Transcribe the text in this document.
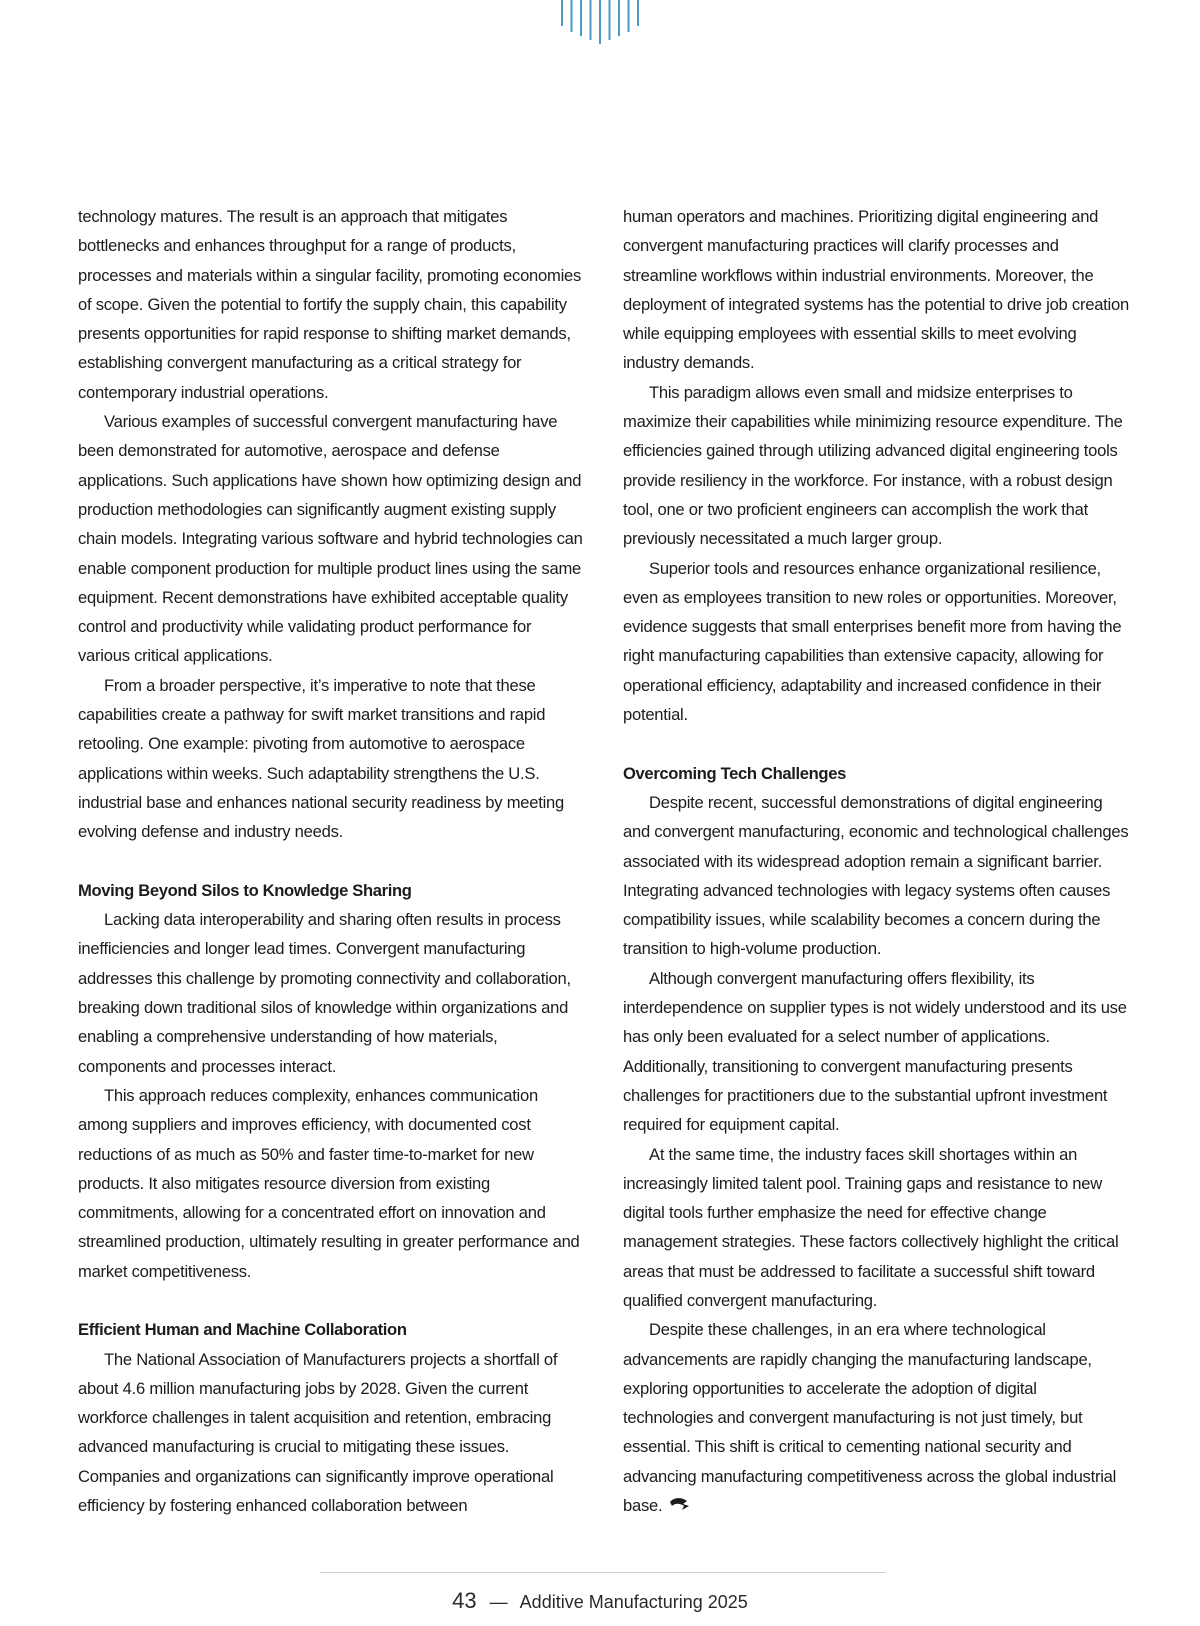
technology matures. The result is an approach that mitigates bottlenecks and enhances throughput for a range of products, processes and materials within a singular facility, promoting economies of scope. Given the potential to fortify the supply chain, this capability presents opportunities for rapid response to shifting market demands, establishing convergent manufacturing as a critical strategy for contemporary industrial operations.

Various examples of successful convergent manufacturing have been demonstrated for automotive, aerospace and defense applications. Such applications have shown how optimizing design and production methodologies can significantly augment existing supply chain models. Integrating various software and hybrid technologies can enable component production for multiple product lines using the same equipment. Recent demonstrations have exhibited acceptable quality control and productivity while validating product performance for various critical applications.

From a broader perspective, it’s imperative to note that these capabilities create a pathway for swift market transitions and rapid retooling. One example: pivoting from automotive to aerospace applications within weeks. Such adaptability strengthens the U.S. industrial base and enhances national security readiness by meeting evolving defense and industry needs.

Moving Beyond Silos to Knowledge Sharing

Lacking data interoperability and sharing often results in process inefficiencies and longer lead times. Convergent manufacturing addresses this challenge by promoting connectivity and collaboration, breaking down traditional silos of knowledge within organizations and enabling a comprehensive understanding of how materials, components and processes interact.

This approach reduces complexity, enhances communication among suppliers and improves efficiency, with documented cost reductions of as much as 50% and faster time-to-market for new products. It also mitigates resource diversion from existing commitments, allowing for a concentrated effort on innovation and streamlined production, ultimately resulting in greater performance and market competitiveness.

Efficient Human and Machine Collaboration

The National Association of Manufacturers projects a shortfall of about 4.6 million manufacturing jobs by 2028. Given the current workforce challenges in talent acquisition and retention, embracing advanced manufacturing is crucial to mitigating these issues. Companies and organizations can significantly improve operational efficiency by fostering enhanced collaboration between

human operators and machines. Prioritizing digital engineering and convergent manufacturing practices will clarify processes and streamline workflows within industrial environments. Moreover, the deployment of integrated systems has the potential to drive job creation while equipping employees with essential skills to meet evolving industry demands.

This paradigm allows even small and midsize enterprises to maximize their capabilities while minimizing resource expenditure. The efficiencies gained through utilizing advanced digital engineering tools provide resiliency in the workforce. For instance, with a robust design tool, one or two proficient engineers can accomplish the work that previously necessitated a much larger group.

Superior tools and resources enhance organizational resilience, even as employees transition to new roles or opportunities. Moreover, evidence suggests that small enterprises benefit more from having the right manufacturing capabilities than extensive capacity, allowing for operational efficiency, adaptability and increased confidence in their potential.

Overcoming Tech Challenges

Despite recent, successful demonstrations of digital engineering and convergent manufacturing, economic and technological challenges associated with its widespread adoption remain a significant barrier. Integrating advanced technologies with legacy systems often causes compatibility issues, while scalability becomes a concern during the transition to high-volume production.

Although convergent manufacturing offers flexibility, its interdependence on supplier types is not widely understood and its use has only been evaluated for a select number of applications. Additionally, transitioning to convergent manufacturing presents challenges for practitioners due to the substantial upfront investment required for equipment capital.

At the same time, the industry faces skill shortages within an increasingly limited talent pool. Training gaps and resistance to new digital tools further emphasize the need for effective change management strategies. These factors collectively highlight the critical areas that must be addressed to facilitate a successful shift toward qualified convergent manufacturing.

Despite these challenges, in an era where technological advancements are rapidly changing the manufacturing landscape, exploring opportunities to accelerate the adoption of digital technologies and convergent manufacturing is not just timely, but essential. This shift is critical to cementing national security and advancing manufacturing competitiveness across the global industrial base.

43 — Additive Manufacturing 2025
